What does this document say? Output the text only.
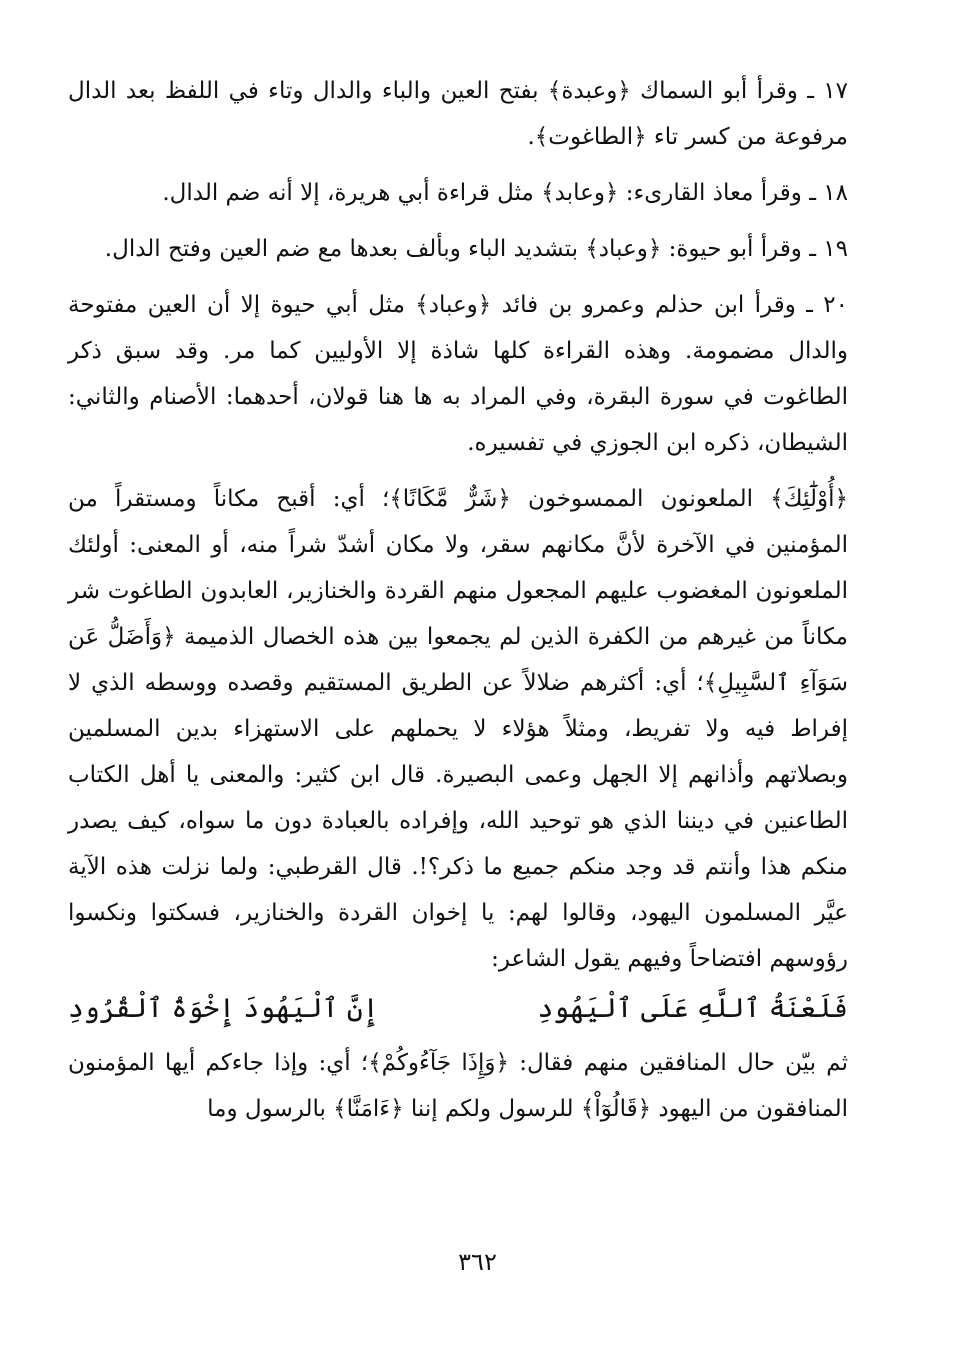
١٧ ـ وقرأ أبو السماك ﴿وعبدة﴾ بفتح العين والباء والدال وتاء في اللفظ بعد الدال مرفوعة من كسر تاء ﴿الطاغوت﴾.

١٨ ـ وقرأ معاذ القارىء: ﴿وعابد﴾ مثل قراءة أبي هريرة، إلا أنه ضم الدال.

١٩ ـ وقرأ أبو حيوة: ﴿وعباد﴾ بتشديد الباء وبألف بعدها مع ضم العين وفتح الدال.

٢٠ ـ وقرأ ابن حذلم وعمرو بن فائد ﴿وعباد﴾ مثل أبي حيوة إلا أن العين مفتوحة والدال مضمومة. وهذه القراءة كلها شاذة إلا الأوليين كما مر. وقد سبق ذكر الطاغوت في سورة البقرة، وفي المراد به ها هنا قولان، أحدهما: الأصنام والثاني: الشيطان، ذكره ابن الجوزي في تفسيره.

﴿أُوْلَٰٓئِكَ﴾ الملعونون الممسوخون ﴿شَرٌّ مَّكَانًا﴾؛ أي: أقبح مكاناً ومستقراً من المؤمنين في الآخرة لأنَّ مكانهم سقر، ولا مكان أشدّ شراً منه، أو المعنى: أولئك الملعونون المغضوب عليهم المجعول منهم القردة والخنازير، العابدون الطاغوت شر مكاناً من غيرهم من الكفرة الذين لم يجمعوا بين هذه الخصال الذميمة ﴿وَأَضَلُّ عَن سَوَآءِ ٱلسَّبِيلِ﴾؛ أي: أكثرهم ضلالاً عن الطريق المستقيم وقصده ووسطه الذي لا إفراط فيه ولا تفريط، ومثلاً هؤلاء لا يحملهم على الاستهزاء بدين المسلمين وبصلاتهم وأذانهم إلا الجهل وعمى البصيرة. قال ابن كثير: والمعنى يا أهل الكتاب الطاعنين في ديننا الذي هو توحيد الله، وإفراده بالعبادة دون ما سواه، كيف يصدر منكم هذا وأنتم قد وجد منكم جميع ما ذكر؟!. قال القرطبي: ولما نزلت هذه الآية عيَّر المسلمون اليهود، وقالوا لهم: يا إخوان القردة والخنازير، فسكتوا ونكسوا رؤوسهم افتضاحاً وفيهم يقول الشاعر:

فَلَعْنَةُ ٱللَّهِ عَلَى ٱلْيَهُودِ
إِنَّ ٱلْيَهُودَ إِخْوَةُ ٱلْقُرُودِ

ثم بيّن حال المنافقين منهم فقال: ﴿وَإِذَا جَآءُوكُمْ﴾؛ أي: وإذا جاءكم أيها المؤمنون المنافقون من اليهود ﴿قَالُوٓاْ﴾ للرسول ولكم إننا ﴿ءَامَنَّا﴾ بالرسول وما

٣٦٢
